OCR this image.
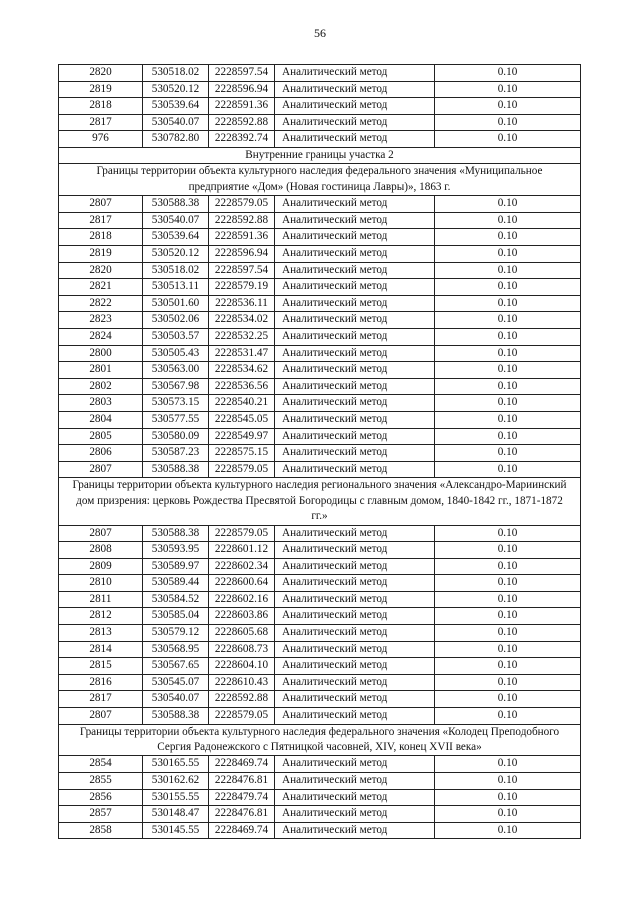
56
2820	530518.02	2228597.54	Аналитический метод	0.10
2819	530520.12	2228596.94	Аналитический метод	0.10
2818	530539.64	2228591.36	Аналитический метод	0.10
2817	530540.07	2228592.88	Аналитический метод	0.10
976	530782.80	2228392.74	Аналитический метод	0.10
Внутренние границы участка 2				
Границы территории объекта культурного наследия федерального значения «Муниципальное предприятие «Дом» (Новая гостиница Лавры)», 1863 г.				
2807	530588.38	2228579.05	Аналитический метод	0.10
2817	530540.07	2228592.88	Аналитический метод	0.10
2818	530539.64	2228591.36	Аналитический метод	0.10
2819	530520.12	2228596.94	Аналитический метод	0.10
2820	530518.02	2228597.54	Аналитический метод	0.10
2821	530513.11	2228579.19	Аналитический метод	0.10
2822	530501.60	2228536.11	Аналитический метод	0.10
2823	530502.06	2228534.02	Аналитический метод	0.10
2824	530503.57	2228532.25	Аналитический метод	0.10
2800	530505.43	2228531.47	Аналитический метод	0.10
2801	530563.00	2228534.62	Аналитический метод	0.10
2802	530567.98	2228536.56	Аналитический метод	0.10
2803	530573.15	2228540.21	Аналитический метод	0.10
2804	530577.55	2228545.05	Аналитический метод	0.10
2805	530580.09	2228549.97	Аналитический метод	0.10
2806	530587.23	2228575.15	Аналитический метод	0.10
2807	530588.38	2228579.05	Аналитический метод	0.10
Границы территории объекта культурного наследия регионального значения «Александро-Мариинский дом призрения: церковь Рождества Пресвятой Богородицы с главным домом, 1840-1842 гг., 1871-1872 гг.»				
2807	530588.38	2228579.05	Аналитический метод	0.10
2808	530593.95	2228601.12	Аналитический метод	0.10
2809	530589.97	2228602.34	Аналитический метод	0.10
2810	530589.44	2228600.64	Аналитический метод	0.10
2811	530584.52	2228602.16	Аналитический метод	0.10
2812	530585.04	2228603.86	Аналитический метод	0.10
2813	530579.12	2228605.68	Аналитический метод	0.10
2814	530568.95	2228608.73	Аналитический метод	0.10
2815	530567.65	2228604.10	Аналитический метод	0.10
2816	530545.07	2228610.43	Аналитический метод	0.10
2817	530540.07	2228592.88	Аналитический метод	0.10
2807	530588.38	2228579.05	Аналитический метод	0.10
Границы территории объекта культурного наследия федерального значения «Колодец Преподобного Сергия Радонежского с Пятницкой часовней, XIV, конец XVII века»				
2854	530165.55	2228469.74	Аналитический метод	0.10
2855	530162.62	2228476.81	Аналитический метод	0.10
2856	530155.55	2228479.74	Аналитический метод	0.10
2857	530148.47	2228476.81	Аналитический метод	0.10
2858	530145.55	2228469.74	Аналитический метод	0.10
